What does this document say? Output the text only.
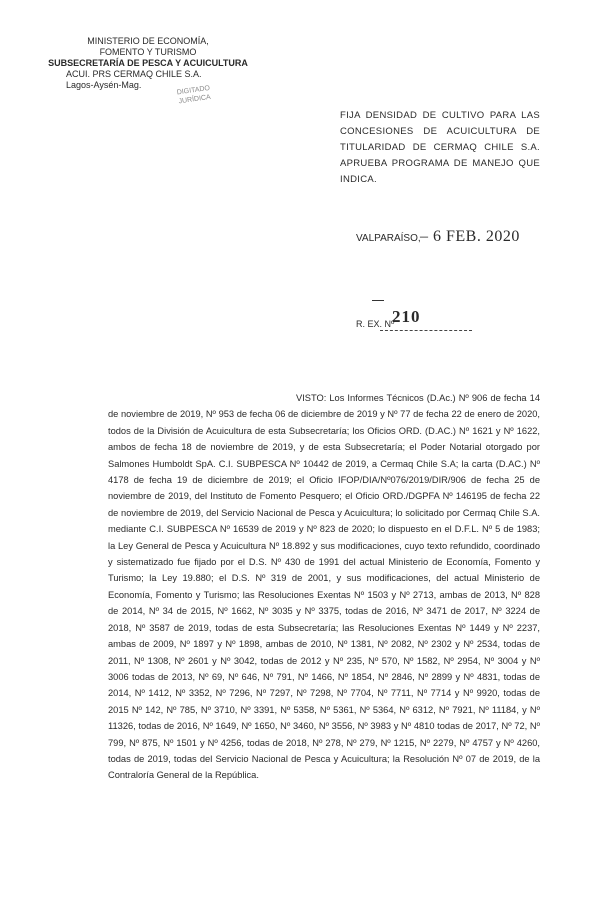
MINISTERIO DE ECONOMÍA,
FOMENTO Y TURISMO
SUBSECRETARÍA DE PESCA Y ACUICULTURA
ACUI. PRS CERMAQ CHILE S.A.
Lagos-Aysén-Mag.	DIGITADO
JURÍDICA
FIJA DENSIDAD DE CULTIVO PARA LAS CONCESIONES DE ACUICULTURA DE TITULARIDAD DE CERMAQ CHILE S.A. APRUEBA PROGRAMA DE MANEJO QUE INDICA.
VALPARAÍSO, – 6 FEB. 2020
R. EX. Nº
210
VISTO: Los Informes Técnicos (D.Ac.) Nº 906 de fecha 14 de noviembre de 2019, Nº 953 de fecha 06 de diciembre de 2019 y Nº 77 de fecha 22 de enero de 2020, todos de la División de Acuicultura de esta Subsecretaría; los Oficios ORD. (D.AC.) Nº 1621 y Nº 1622, ambos de fecha 18 de noviembre de 2019, y de esta Subsecretaría; el Poder Notarial otorgado por Salmones Humboldt SpA. C.I. SUBPESCA Nº 10442 de 2019, a Cermaq Chile S.A; la carta (D.AC.) Nº 4178 de fecha 19 de diciembre de 2019; el Oficio IFOP/DIA/Nº076/2019/DIR/906 de fecha 25 de noviembre de 2019, del Instituto de Fomento Pesquero; el Oficio ORD./DGPFA Nº 146195 de fecha 22 de noviembre de 2019, del Servicio Nacional de Pesca y Acuicultura; lo solicitado por Cermaq Chile S.A. mediante C.I. SUBPESCA Nº 16539 de 2019 y Nº 823 de 2020; lo dispuesto en el D.F.L. Nº 5 de 1983; la Ley General de Pesca y Acuicultura Nº 18.892 y sus modificaciones, cuyo texto refundido, coordinado y sistematizado fue fijado por el D.S. Nº 430 de 1991 del actual Ministerio de Economía, Fomento y Turismo; la Ley 19.880; el D.S. Nº 319 de 2001, y sus modificaciones, del actual Ministerio de Economía, Fomento y Turismo; las Resoluciones Exentas Nº 1503 y Nº 2713, ambas de 2013, Nº 828 de 2014, Nº 34 de 2015, Nº 1662, Nº 3035 y Nº 3375, todas de 2016, Nº 3471 de 2017, Nº 3224 de 2018, Nº 3587 de 2019, todas de esta Subsecretaría; las Resoluciones Exentas Nº 1449 y Nº 2237, ambas de 2009, Nº 1897 y Nº 1898, ambas de 2010, Nº 1381, Nº 2082, Nº 2302 y Nº 2534, todas de 2011, Nº 1308, Nº 2601 y Nº 3042, todas de 2012 y Nº 235, Nº 570, Nº 1582, Nº 2954, Nº 3004 y Nº 3006 todas de 2013, Nº 69, Nº 646, Nº 791, Nº 1466, Nº 1854, Nº 2846, Nº 2899 y Nº 4831, todas de 2014, Nº 1412, Nº 3352, Nº 7296, Nº 7297, Nº 7298, Nº 7704, Nº 7711, Nº 7714 y Nº 9920, todas de 2015 Nº 142, Nº 785, Nº 3710, Nº 3391, Nº 5358, Nº 5361, Nº 5364, Nº 6312, Nº 7921, Nº 11184, y Nº 11326, todas de 2016, Nº 1649, Nº 1650, Nº 3460, Nº 3556, Nº 3983 y Nº 4810 todas de 2017, Nº 72, Nº 799, Nº 875, Nº 1501 y Nº 4256, todas de 2018, Nº 278, Nº 279, Nº 1215, Nº 2279, Nº 4757 y Nº 4260, todas de 2019, todas del Servicio Nacional de Pesca y Acuicultura; la Resolución Nº 07 de 2019, de la Contraloría General de la República.
